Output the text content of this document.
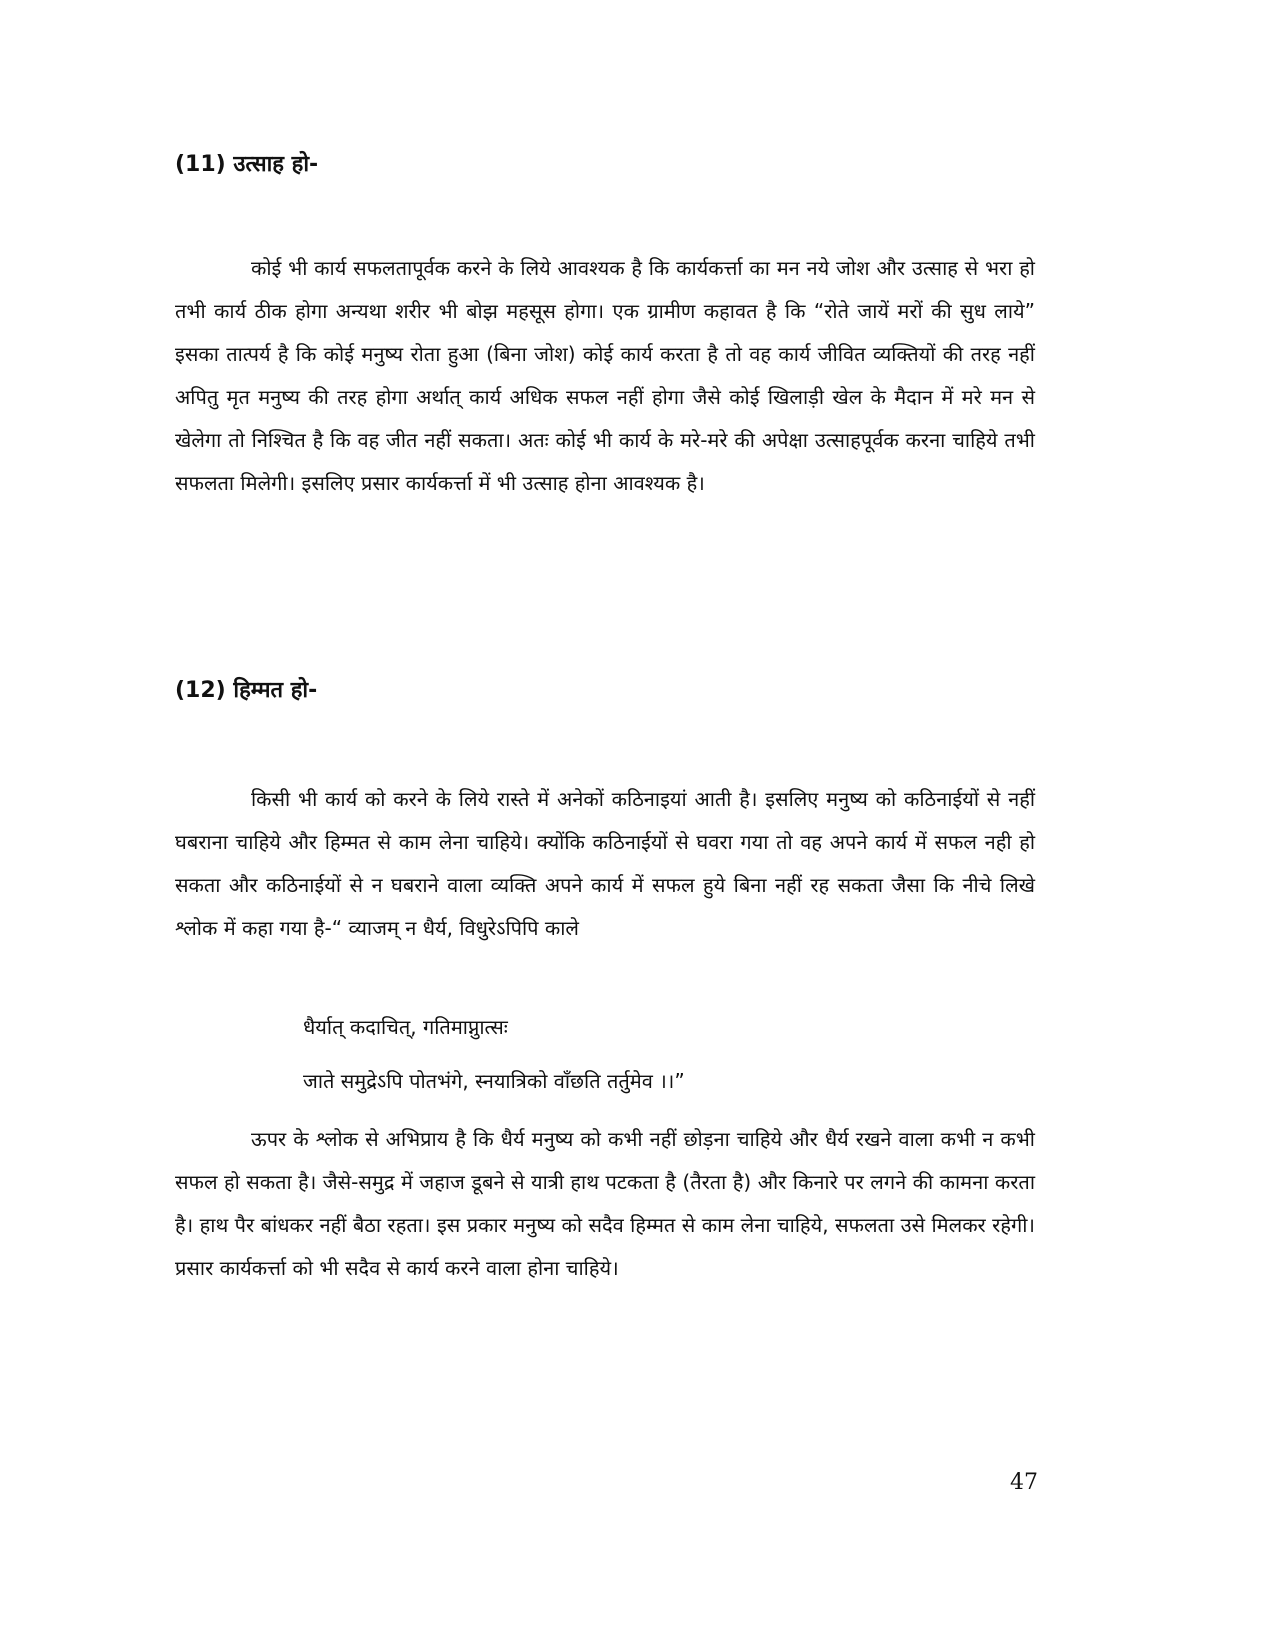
(11) उत्साह हो-

कोई भी कार्य सफलतापूर्वक करने के लिये आवश्यक है कि कार्यकर्त्ता का मन नये जोश और उत्साह से भरा हो तभी कार्य ठीक होगा अन्यथा शरीर भी बोझ महसूस होगा। एक ग्रामीण कहावत है कि “रोते जायें मरों की सुध लाये” इसका तात्पर्य है कि कोई मनुष्य रोता हुआ (बिना जोश) कोई कार्य करता है तो वह कार्य जीवित व्यक्तियों की तरह नहीं अपितु मृत मनुष्य की तरह होगा अर्थात् कार्य अधिक सफल नहीं होगा जैसे कोई खिलाड़ी खेल के मैदान में मरे मन से खेलेगा तो निश्चित है कि वह जीत नहीं सकता। अतः कोई भी कार्य के मरे-मरे की अपेक्षा उत्साहपूर्वक करना चाहिये तभी सफलता मिलेगी। इसलिए प्रसार कार्यकर्त्ता में भी उत्साह होना आवश्यक है।

(12) हिम्मत हो-

किसी भी कार्य को करने के लिये रास्ते में अनेकों कठिनाइयां आती है। इसलिए मनुष्य को कठिनाईयों से नहीं घबराना चाहिये और हिम्मत से काम लेना चाहिये। क्योंकि कठिनाईयों से घवरा गया तो वह अपने कार्य में सफल नही हो सकता और कठिनाईयों से न घबराने वाला व्यक्ति अपने कार्य में सफल हुये बिना नहीं रह सकता जैसा कि नीचे लिखे श्लोक में कहा गया है-“ व्याजम् न धैर्य, विधुरेऽपिपि काले

धैर्यात् कदाचित्, गतिमाप्नुात्सः
जाते समुद्रेऽपि पोतभंगे, स्नयात्रिको वाँछति तर्तुमेव ।।”

ऊपर के श्लोक से अभिप्राय है कि धैर्य मनुष्य को कभी नहीं छोड़ना चाहिये और धैर्य रखने वाला कभी न कभी सफल हो सकता है। जैसे-समुद्र में जहाज डूबने से यात्री हाथ पटकता है (तैरता है) और किनारे पर लगने की कामना करता है। हाथ पैर बांधकर नहीं बैठा रहता। इस प्रकार मनुष्य को सदैव हिम्मत से काम लेना चाहिये, सफलता उसे मिलकर रहेगी। प्रसार कार्यकर्त्ता को भी सदैव से कार्य करने वाला होना चाहिये।

47
